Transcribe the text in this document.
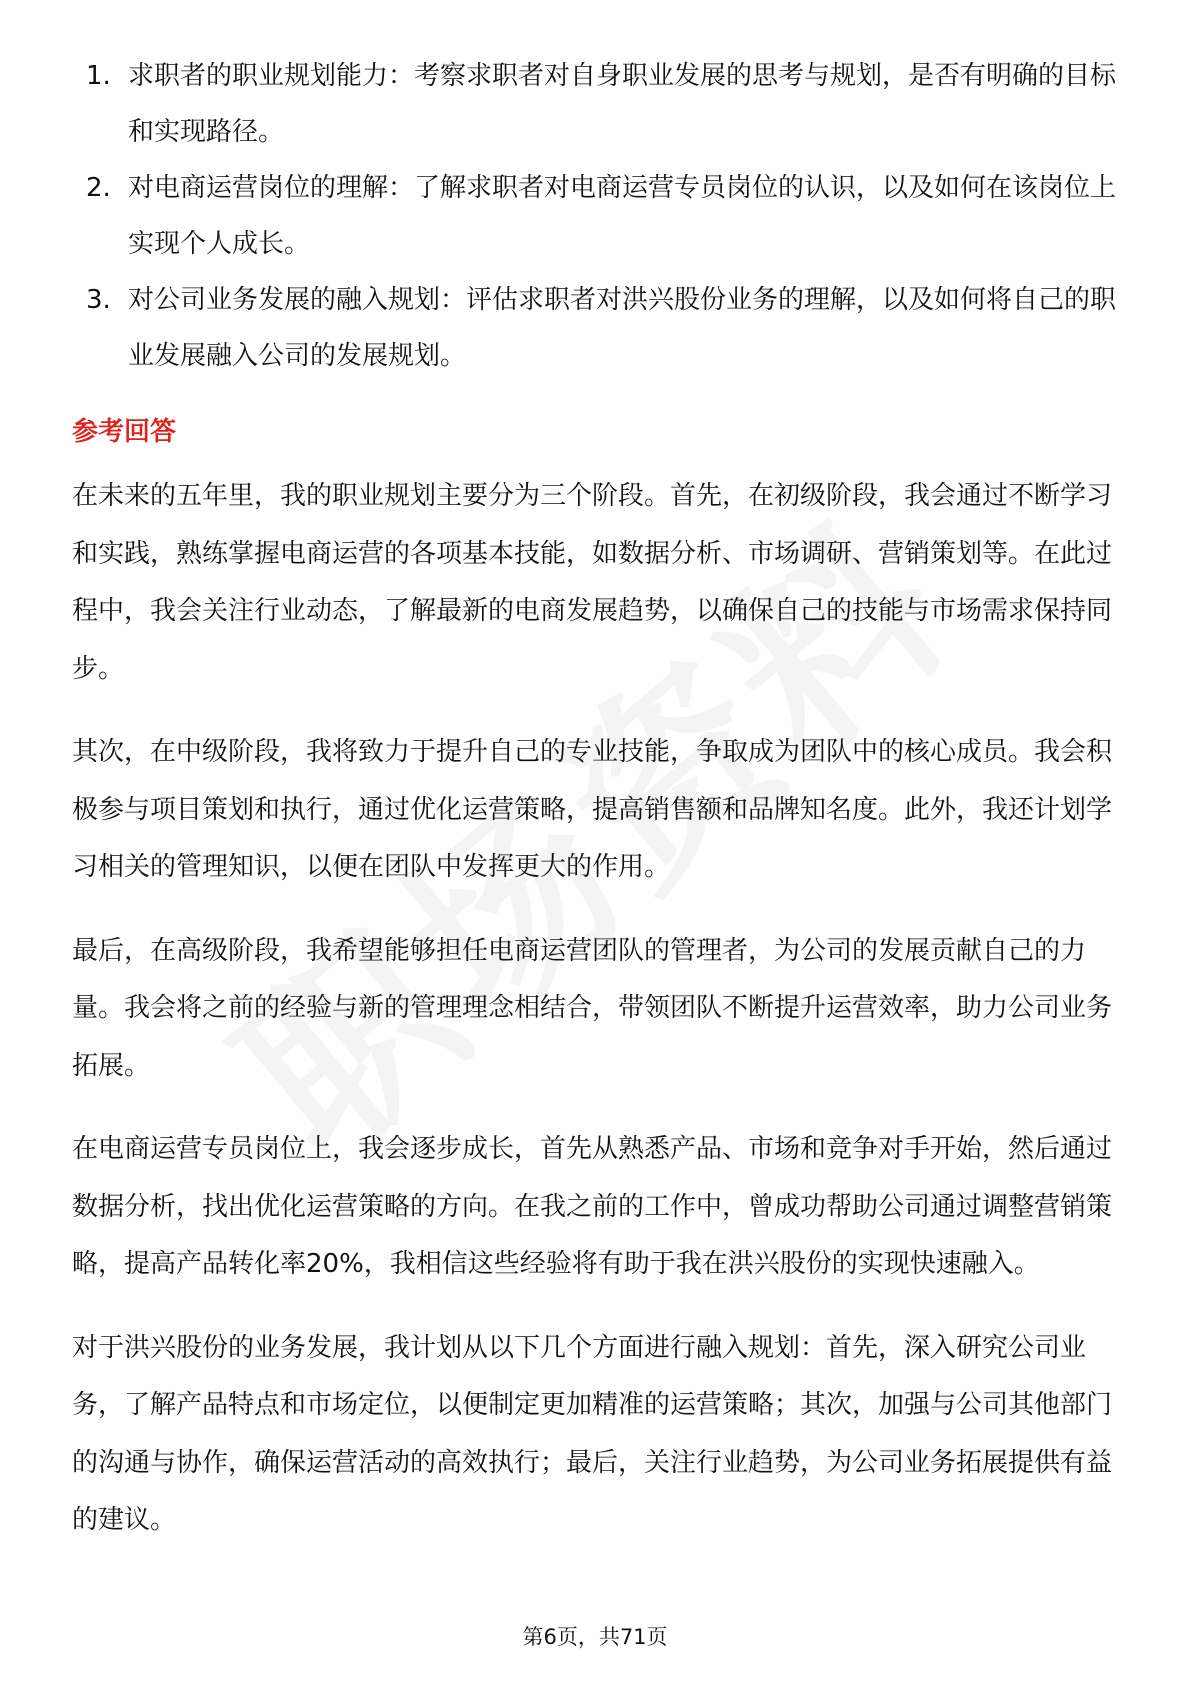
1. 求职者的职业规划能力：考察求职者对自身职业发展的思考与规划，是否有明确的目标和实现路径。
2. 对电商运营岗位的理解：了解求职者对电商运营专员岗位的认识，以及如何在该岗位上实现个人成长。
3. 对公司业务发展的融入规划：评估求职者对洪兴股份业务的理解，以及如何将自己的职业发展融入公司的发展规划。
参考回答

在未来的五年里，我的职业规划主要分为三个阶段。首先，在初级阶段，我会通过不断学习和实践，熟练掌握电商运营的各项基本技能，如数据分析、市场调研、营销策划等。在此过程中，我会关注行业动态，了解最新的电商发展趋势，以确保自己的技能与市场需求保持同步。

其次，在中级阶段，我将致力于提升自己的专业技能，争取成为团队中的核心成员。我会积极参与项目策划和执行，通过优化运营策略，提高销售额和品牌知名度。此外，我还计划学习相关的管理知识，以便在团队中发挥更大的作用。

最后，在高级阶段，我希望能够担任电商运营团队的管理者，为公司的发展贡献自己的力量。我会将之前的经验与新的管理理念相结合，带领团队不断提升运营效率，助力公司业务拓展。

在电商运营专员岗位上，我会逐步成长，首先从熟悉产品、市场和竞争对手开始，然后通过数据分析，找出优化运营策略的方向。在我之前的工作中，曾成功帮助公司通过调整营销策略，提高产品转化率20%，我相信这些经验将有助于我在洪兴股份的实现快速融入。

对于洪兴股份的业务发展，我计划从以下几个方面进行融入规划：首先，深入研究公司业务，了解产品特点和市场定位，以便制定更加精准的运营策略；其次，加强与公司其他部门的沟通与协作，确保运营活动的高效执行；最后，关注行业趋势，为公司业务拓展提供有益的建议。

第6页，共71页
